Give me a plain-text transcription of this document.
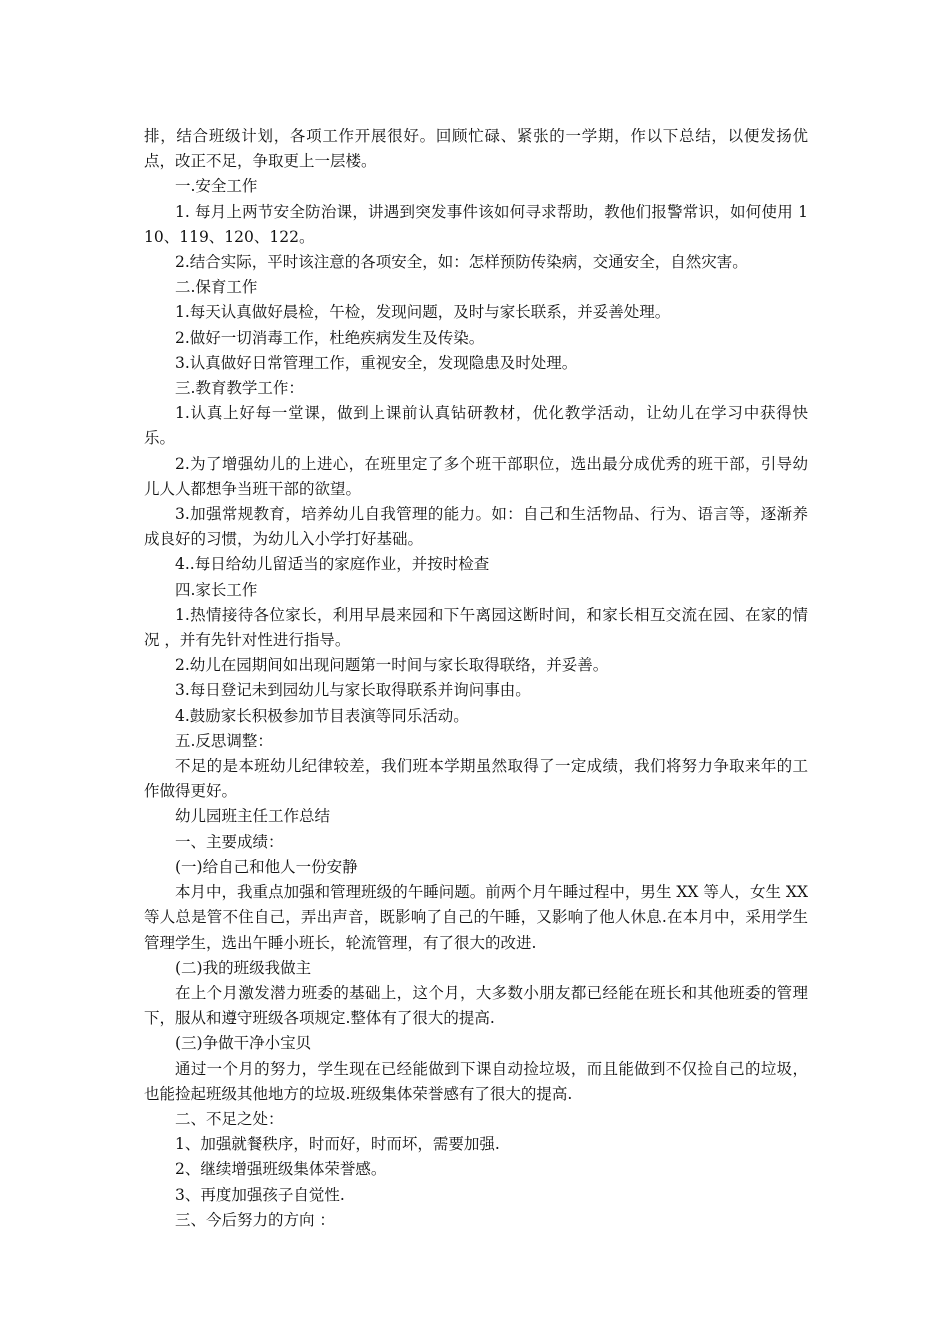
排，结合班级计划，各项工作开展很好。回顾忙碌、紧张的一学期，作以下总结，以便发扬优点，改正不足，争取更上一层楼。

一.安全工作

1. 每月上两节安全防治课，讲遇到突发事件该如何寻求帮助，教他们报警常识，如何使用 110、119、120、122。

2.结合实际，平时该注意的各项安全，如：怎样预防传染病，交通安全，自然灾害。

二.保育工作

1.每天认真做好晨检，午检，发现问题，及时与家长联系，并妥善处理。

2.做好一切消毒工作，杜绝疾病发生及传染。

3.认真做好日常管理工作，重视安全，发现隐患及时处理。

三.教育教学工作：

1.认真上好每一堂课，做到上课前认真钻研教材，优化教学活动，让幼儿在学习中获得快乐。

2.为了增强幼儿的上进心，在班里定了多个班干部职位，选出最分成优秀的班干部，引导幼儿人人都想争当班干部的欲望。

3.加强常规教育，培养幼儿自我管理的能力。如：自己和生活物品、行为、语言等，逐渐养成良好的习惯，为幼儿入小学打好基础。

4..每日给幼儿留适当的家庭作业，并按时检查

四.家长工作

1.热情接待各位家长，利用早晨来园和下午离园这断时间，和家长相互交流在园、在家的情况 ，并有先针对性进行指导。

2.幼儿在园期间如出现问题第一时间与家长取得联络，并妥善。

3.每日登记未到园幼儿与家长取得联系并询问事由。

4.鼓励家长积极参加节目表演等同乐活动。

五.反思调整：

不足的是本班幼儿纪律较差，我们班本学期虽然取得了一定成绩，我们将努力争取来年的工作做得更好。

幼儿园班主任工作总结

一、主要成绩：

(一)给自己和他人一份安静

本月中，我重点加强和管理班级的午睡问题。前两个月午睡过程中，男生 XX 等人，女生 XX 等人总是管不住自己，弄出声音，既影响了自己的午睡，又影响了他人休息.在本月中，采用学生管理学生，选出午睡小班长，轮流管理，有了很大的改进.

(二)我的班级我做主

在上个月激发潜力班委的基础上，这个月，大多数小朋友都已经能在班长和其他班委的管理下，服从和遵守班级各项规定.整体有了很大的提高.

(三)争做干净小宝贝

通过一个月的努力，学生现在已经能做到下课自动捡垃圾，而且能做到不仅捡自己的垃圾，也能捡起班级其他地方的垃圾.班级集体荣誉感有了很大的提高.

二、不足之处：

1、加强就餐秩序，时而好，时而坏，需要加强.

2、继续增强班级集体荣誉感。

3、再度加强孩子自觉性.

三、今后努力的方向 ：
